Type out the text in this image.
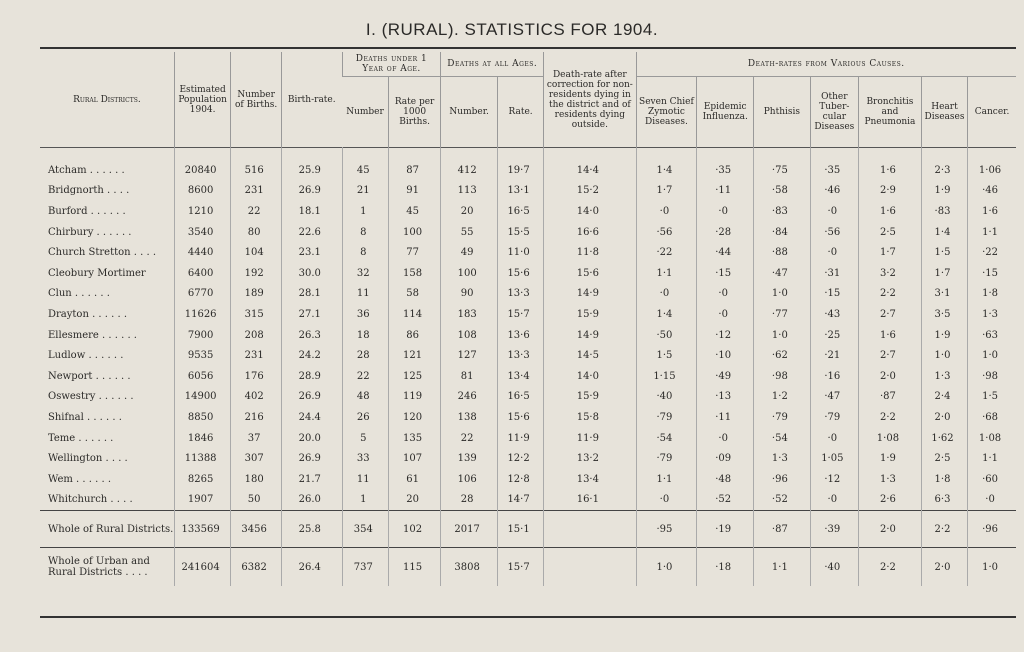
I. (RURAL). STATISTICS FOR 1904.
Rural Districts.	Estimated Population 1904.	Number of Births.	Birth-rate.	Deaths under 1 Year of Age.		Deaths at all Ages.		Death-rate after correction for non-residents dying in the district and of residents dying outside.	Death-rates from Various Causes.						
				Number	Rate per 1000 Births.	Number.	Rate.		Seven Chief Zymotic Diseases.	Epidemic Influenza.	Phthisis	Other Tuber-cular Diseases	Bronchitis and Pneumonia	Heart Diseases	Cancer.

Atcham . . . . . .	20840	516	25.9	45	87	412	19·7	14·4	1·4	·35	·75	·35	1·6	2·3	1·06
Bridgnorth . . . .	8600	231	26.9	21	91	113	13·1	15·2	1·7	·11	·58	·46	2·9	1·9	·46
Burford . . . . . .	1210	22	18.1	1	45	20	16·5	14·0	·0	·0	·83	·0	1·6	·83	1·6
Chirbury . . . . . .	3540	80	22.6	8	100	55	15·5	16·6	·56	·28	·84	·56	2·5	1·4	1·1
Church Stretton . . . .	4440	104	23.1	8	77	49	11·0	11·8	·22	·44	·88	·0	1·7	1·5	·22
Cleobury Mortimer	6400	192	30.0	32	158	100	15·6	15·6	1·1	·15	·47	·31	3·2	1·7	·15
Clun . . . . . .	6770	189	28.1	11	58	90	13·3	14·9	·0	·0	1·0	·15	2·2	3·1	1·8
Drayton . . . . . .	11626	315	27.1	36	114	183	15·7	15·9	1·4	·0	·77	·43	2·7	3·5	1·3
Ellesmere . . . . . .	7900	208	26.3	18	86	108	13·6	14·9	·50	·12	1·0	·25	1·6	1·9	·63
Ludlow . . . . . .	9535	231	24.2	28	121	127	13·3	14·5	1·5	·10	·62	·21	2·7	1·0	1·0
Newport . . . . . .	6056	176	28.9	22	125	81	13·4	14·0	1·15	·49	·98	·16	2·0	1·3	·98
Oswestry . . . . . .	14900	402	26.9	48	119	246	16·5	15·9	·40	·13	1·2	·47	·87	2·4	1·5
Shifnal . . . . . .	8850	216	24.4	26	120	138	15·6	15·8	·79	·11	·79	·79	2·2	2·0	·68
Teme . . . . . .	1846	37	20.0	5	135	22	11·9	11·9	·54	·0	·54	·0	1·08	1·62	1·08
Wellington . . . .	11388	307	26.9	33	107	139	12·2	13·2	·79	·09	1·3	1·05	1·9	2·5	1·1
Wem . . . . . .	8265	180	21.7	11	61	106	12·8	13·4	1·1	·48	·96	·12	1·3	1·8	·60
Whitchurch . . . .	1907	50	26.0	1	20	28	14·7	16·1	·0	·52	·52	·0	2·6	6·3	·0
Whole of Rural Districts.	133569	3456	25.8	354	102	2017	15·1		·95	·19	·87	·39	2·0	2·2	·96
Whole of Urban and Rural Districts . . . .	241604	6382	26.4	737	115	3808	15·7		1·0	·18	1·1	·40	2·2	2·0	1·0
